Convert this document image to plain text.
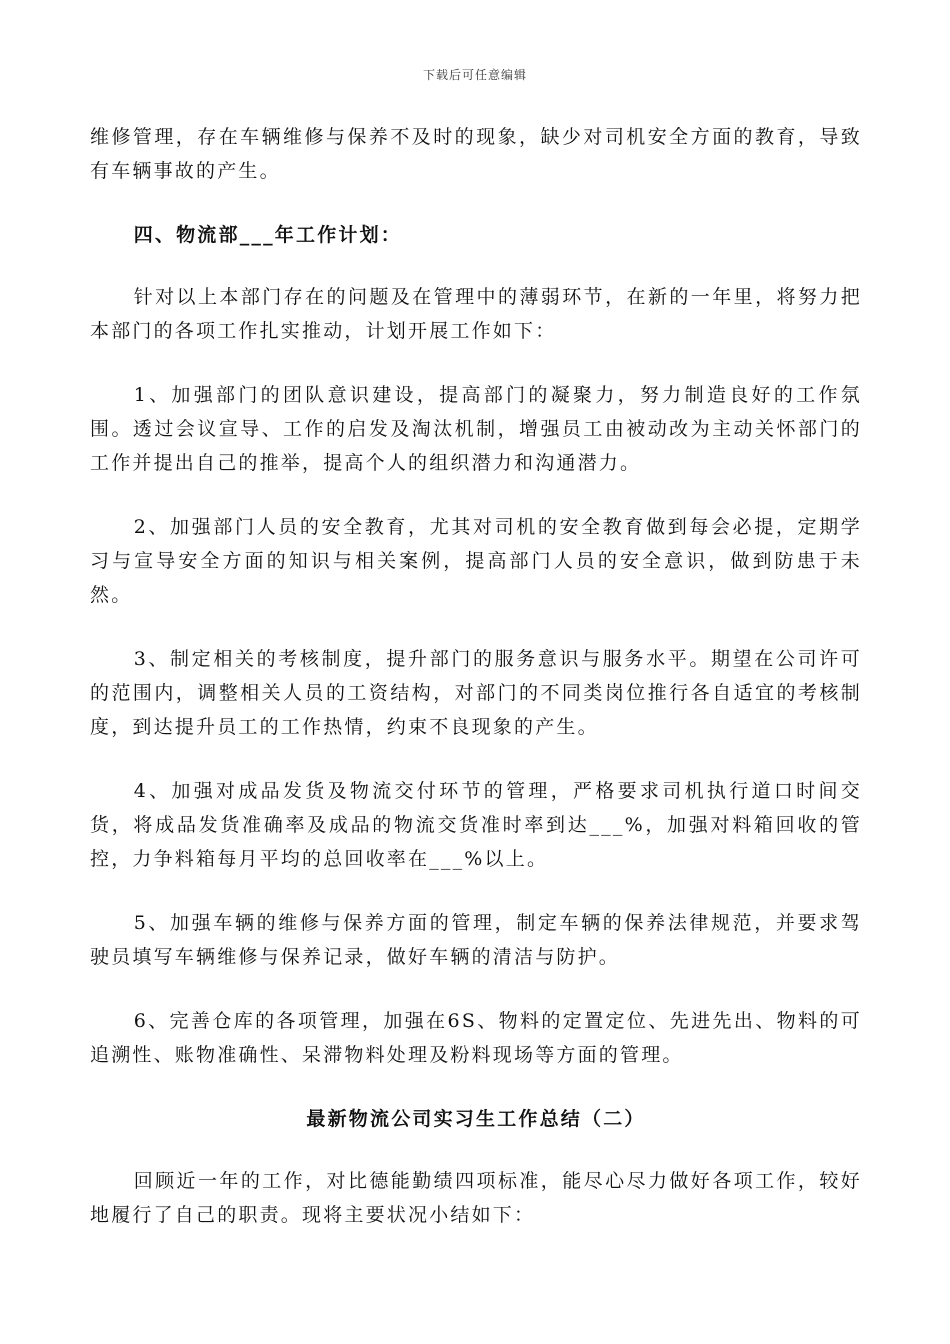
下载后可任意编辑

维修管理，存在车辆维修与保养不及时的现象，缺少对司机安全方面的教育，导致有车辆事故的产生。

四、物流部___年工作计划：

针对以上本部门存在的问题及在管理中的薄弱环节，在新的一年里，将努力把本部门的各项工作扎实推动，计划开展工作如下：

1、加强部门的团队意识建设，提高部门的凝聚力，努力制造良好的工作氛围。透过会议宣导、工作的启发及淘汰机制，增强员工由被动改为主动关怀部门的工作并提出自己的推举，提高个人的组织潜力和沟通潜力。

2、加强部门人员的安全教育，尤其对司机的安全教育做到每会必提，定期学习与宣导安全方面的知识与相关案例，提高部门人员的安全意识，做到防患于未然。

3、制定相关的考核制度，提升部门的服务意识与服务水平。期望在公司许可的范围内，调整相关人员的工资结构，对部门的不同类岗位推行各自适宜的考核制度，到达提升员工的工作热情，约束不良现象的产生。

4、加强对成品发货及物流交付环节的管理，严格要求司机执行道口时间交货，将成品发货准确率及成品的物流交货准时率到达___%，加强对料箱回收的管控，力争料箱每月平均的总回收率在___%以上。

5、加强车辆的维修与保养方面的管理，制定车辆的保养法律规范，并要求驾驶员填写车辆维修与保养记录，做好车辆的清洁与防护。

6、完善仓库的各项管理，加强在6S、物料的定置定位、先进先出、物料的可追溯性、账物准确性、呆滞物料处理及粉料现场等方面的管理。

最新物流公司实习生工作总结（二）

回顾近一年的工作，对比德能勤绩四项标准，能尽心尽力做好各项工作，较好地履行了自己的职责。现将主要状况小结如下：
